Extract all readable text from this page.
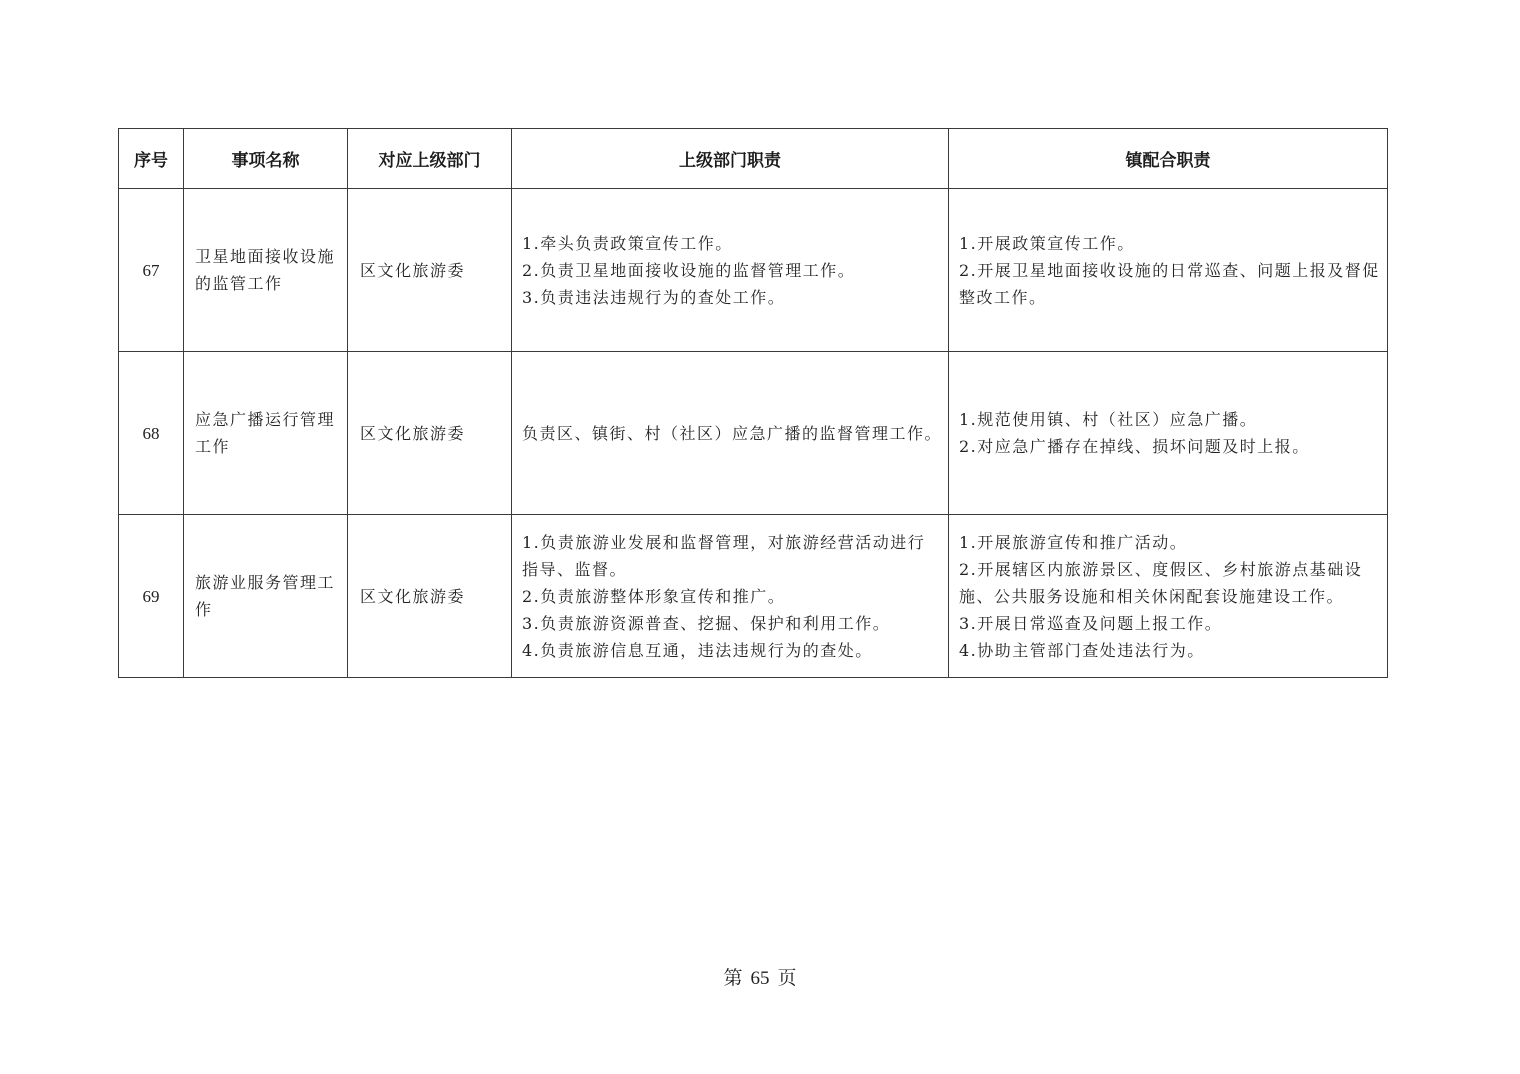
序号	事项名称	对应上级部门	上级部门职责	镇配合职责
67	卫星地面接收设施的监管工作	区文化旅游委	1.牵头负责政策宣传工作。
2.负责卫星地面接收设施的监督管理工作。
3.负责违法违规行为的查处工作。	1.开展政策宣传工作。
2.开展卫星地面接收设施的日常巡查、问题上报及督促整改工作。

68	应急广播运行管理工作	区文化旅游委	负责区、镇街、村（社区）应急广播的监督管理工作。	1.规范使用镇、村（社区）应急广播。
2.对应急广播存在掉线、损坏问题及时上报。

69	旅游业服务管理工作	区文化旅游委	1.负责旅游业发展和监督管理，对旅游经营活动进行指导、监督。
2.负责旅游整体形象宣传和推广。
3.负责旅游资源普查、挖掘、保护和利用工作。
4.负责旅游信息互通，违法违规行为的查处。	1.开展旅游宣传和推广活动。
2.开展辖区内旅游景区、度假区、乡村旅游点基础设施、公共服务设施和相关休闲配套设施建设工作。
3.开展日常巡查及问题上报工作。
4.协助主管部门查处违法行为。
第 65 页
